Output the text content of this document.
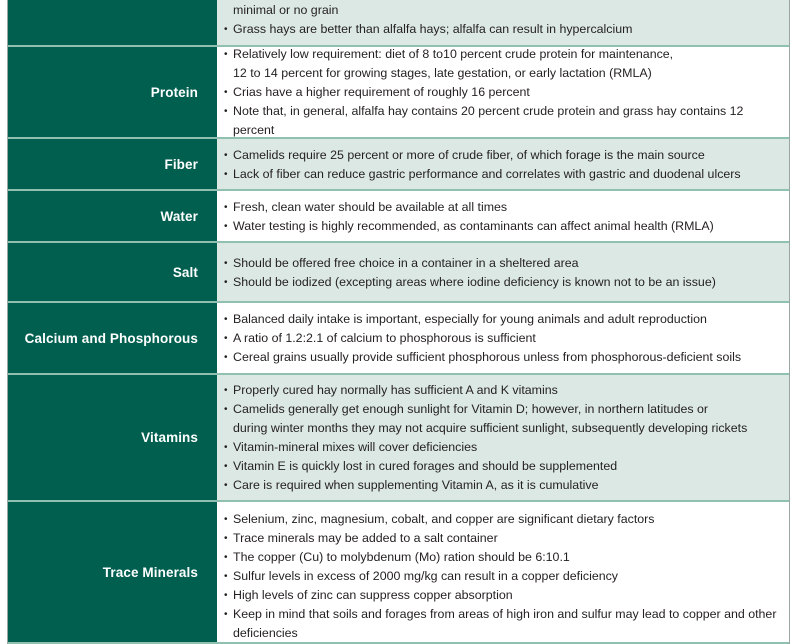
• minimal or no grain
• Grass hays are better than alfalfa hays; alfalfa can result in hypercalcium
Protein
• Relatively low requirement: diet of 8 to10 percent crude protein for maintenance,
12 to 14 percent for growing stages, late gestation, or early lactation (RMLA)
• Crias have a higher requirement of roughly 16 percent
• Note that, in general, alfalfa hay contains 20 percent crude protein and grass hay contains 12 percent
Fiber
• Camelids require 25 percent or more of crude fiber, of which forage is the main source
• Lack of fiber can reduce gastric performance and correlates with gastric and duodenal ulcers
Water
• Fresh, clean water should be available at all times
• Water testing is highly recommended, as contaminants can affect animal health (RMLA)
Salt
• Should be offered free choice in a container in a sheltered area
• Should be iodized (excepting areas where iodine deficiency is known not to be an issue)
Calcium and Phosphorous
• Balanced daily intake is important, especially for young animals and adult reproduction
• A ratio of 1.2:2.1 of calcium to phosphorous is sufficient
• Cereal grains usually provide sufficient phosphorous unless from phosphorous-deficient soils
Vitamins
• Properly cured hay normally has sufficient A and K vitamins
• Camelids generally get enough sunlight for Vitamin D; however, in northern latitudes or
during winter months they may not acquire sufficient sunlight, subsequently developing rickets
• Vitamin-mineral mixes will cover deficiencies
• Vitamin E is quickly lost in cured forages and should be supplemented
• Care is required when supplementing Vitamin A, as it is cumulative
Trace Minerals
• Selenium, zinc, magnesium, cobalt, and copper are significant dietary factors
• Trace minerals may be added to a salt container
• The copper (Cu) to molybdenum (Mo) ration should be 6:10.1
• Sulfur levels in excess of 2000 mg/kg can result in a copper deficiency
• High levels of zinc can suppress copper absorption
• Keep in mind that soils and forages from areas of high iron and sulfur may lead to copper and other deficiencies
